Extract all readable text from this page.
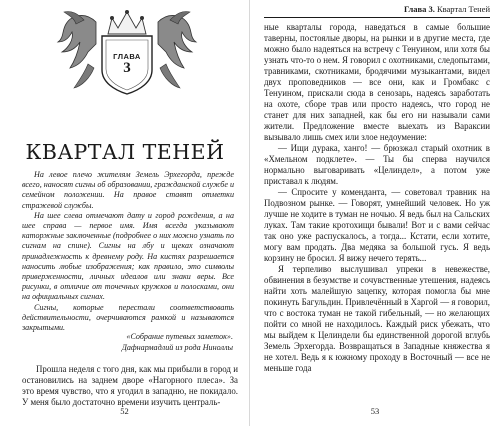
ГЛАВА
3
КВАРТАЛ ТЕНЕЙ

На левое плечо жителям Земель Эрхегорда, прежде всего, наносят сигны об образовании, гражданской службе и семейном положении. На правое ставят отметки стражевой службы.

На шее слева отмечают дату и город рождения, а на шее справа — первое имя. Имя всегда указывают каторжные заключенные (подробнее о них можно узнать по сигнам на спине). Сигны на лбу и щеках означают принадлежность к древнему роду. На кистях разрешается наносить любые изображения; как правило, это символы приверженности, личных идеалов или знаки веры. Все рисунки, в отличие от точечных кружков и полосками, они на официальных сигнах.

Сигны, которые перестали соответствовать действительности, очерчиваются рамкой и называются закрытыми.

«Собрание путевых заметок».
Дафнармадлий из рода Ниноллы

Прошла неделя с того дня, как мы прибыли в город и остановились на заднем дворе «Нагорного плеса». За это время чувство, что я угодил в западню, не покидало. У меня было достаточно времени изучить централь-

52
Глава 3. Квартал Теней

ные кварталы города, наведаться в самые большие таверны, постоялые дворы, на рынки и в другие места, где можно было надеяться на встречу с Тенуином, или хотя бы узнать что-то о нем. Я говорил с охотниками, следопытами, травниками, скотниками, бродячими музыкантами, видел двух проповедников — все они, как и Громбакс с Тенуином, прискали сюда в сенозарь, надеясь заработать на охоте, сборе трав или просто надеясь, что город не станет для них западней, как бы его ни называли сами жители. Предложение вместе выехать из Вараксии вызывало лишь смех или злое недоумение:

— Ищи дурака, ханго! — брюзжал старый охотник в «Хмельном подклете». — Ты бы сперва научился нормально выговаривать «Целиндел», а потом уже приставал к людям.

— Спросите у коменданта, — советовал травник на Подвозном рынке. — Говорят, умнейший человек. Но уж лучше не ходите в туман не ночью. Я ведь был на Сальских луках. Там такие кротохищи бывали! Вот и с вами сейчас так оно уже распускалось, а тогда... Кстати, если хотите, могу вам продать. Два медяка за большой гусь. Я ведь корзину не бросил. Я вижу нечего терять...

Я терпеливо выслушивал упреки в невежестве, обвинения в безумстве и сочувственные утешения, надеясь найти хоть малейшую зацепку, которая помогла бы мне покинуть Багульдин. Привлечённый в Харгой — я говорил, что с востока туман не такой гибельный, — но желающих пойти со мной не находилось. Каждый риск убежать, что мы выйдем к Целиндели бы единственной дорогой вглубь Земель Эрхегорда. Возвращаться в Западные княжества я не хотел. Ведь я к южному проходу в Восточный — все не меньше года

53
